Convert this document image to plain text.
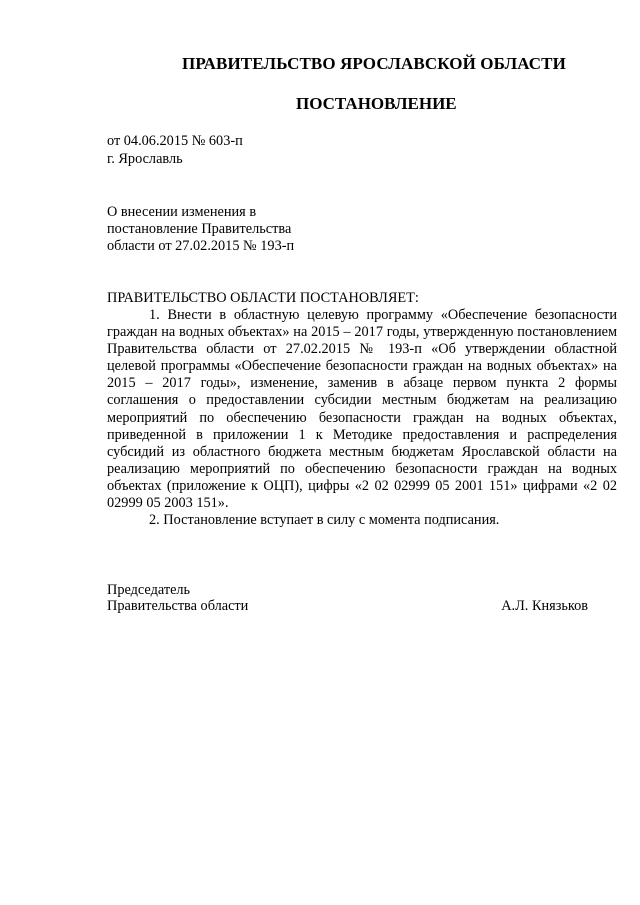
ПРАВИТЕЛЬСТВО ЯРОСЛАВСКОЙ ОБЛАСТИ
ПОСТАНОВЛЕНИЕ
от 04.06.2015 № 603-п
г. Ярославль
О внесении изменения в
постановление Правительства
области от 27.02.2015 № 193-п
ПРАВИТЕЛЬСТВО ОБЛАСТИ ПОСТАНОВЛЯЕТ:

1. Внести в областную целевую программу «Обеспечение безопасности граждан на водных объектах» на 2015 – 2017 годы, утвержденную постановлением Правительства области от 27.02.2015 № 193-п «Об утверждении областной целевой программы «Обеспечение безопасности граждан на водных объектах» на 2015 – 2017 годы», изменение, заменив в абзаце первом пункта 2 формы соглашения о предоставлении субсидии местным бюджетам на реализацию мероприятий по обеспечению безопасности граждан на водных объектах, приведенной в приложении 1 к Методике предоставления и распределения субсидий из областного бюджета местным бюджетам Ярославской области на реализацию мероприятий по обеспечению безопасности граждан на водных объектах (приложение к ОЦП), цифры «2 02 02999 05 2001 151» цифрами «2 02 02999 05 2003 151».

2. Постановление вступает в силу с момента подписания.

Председатель
Правительства области	А.Л. Князьков
